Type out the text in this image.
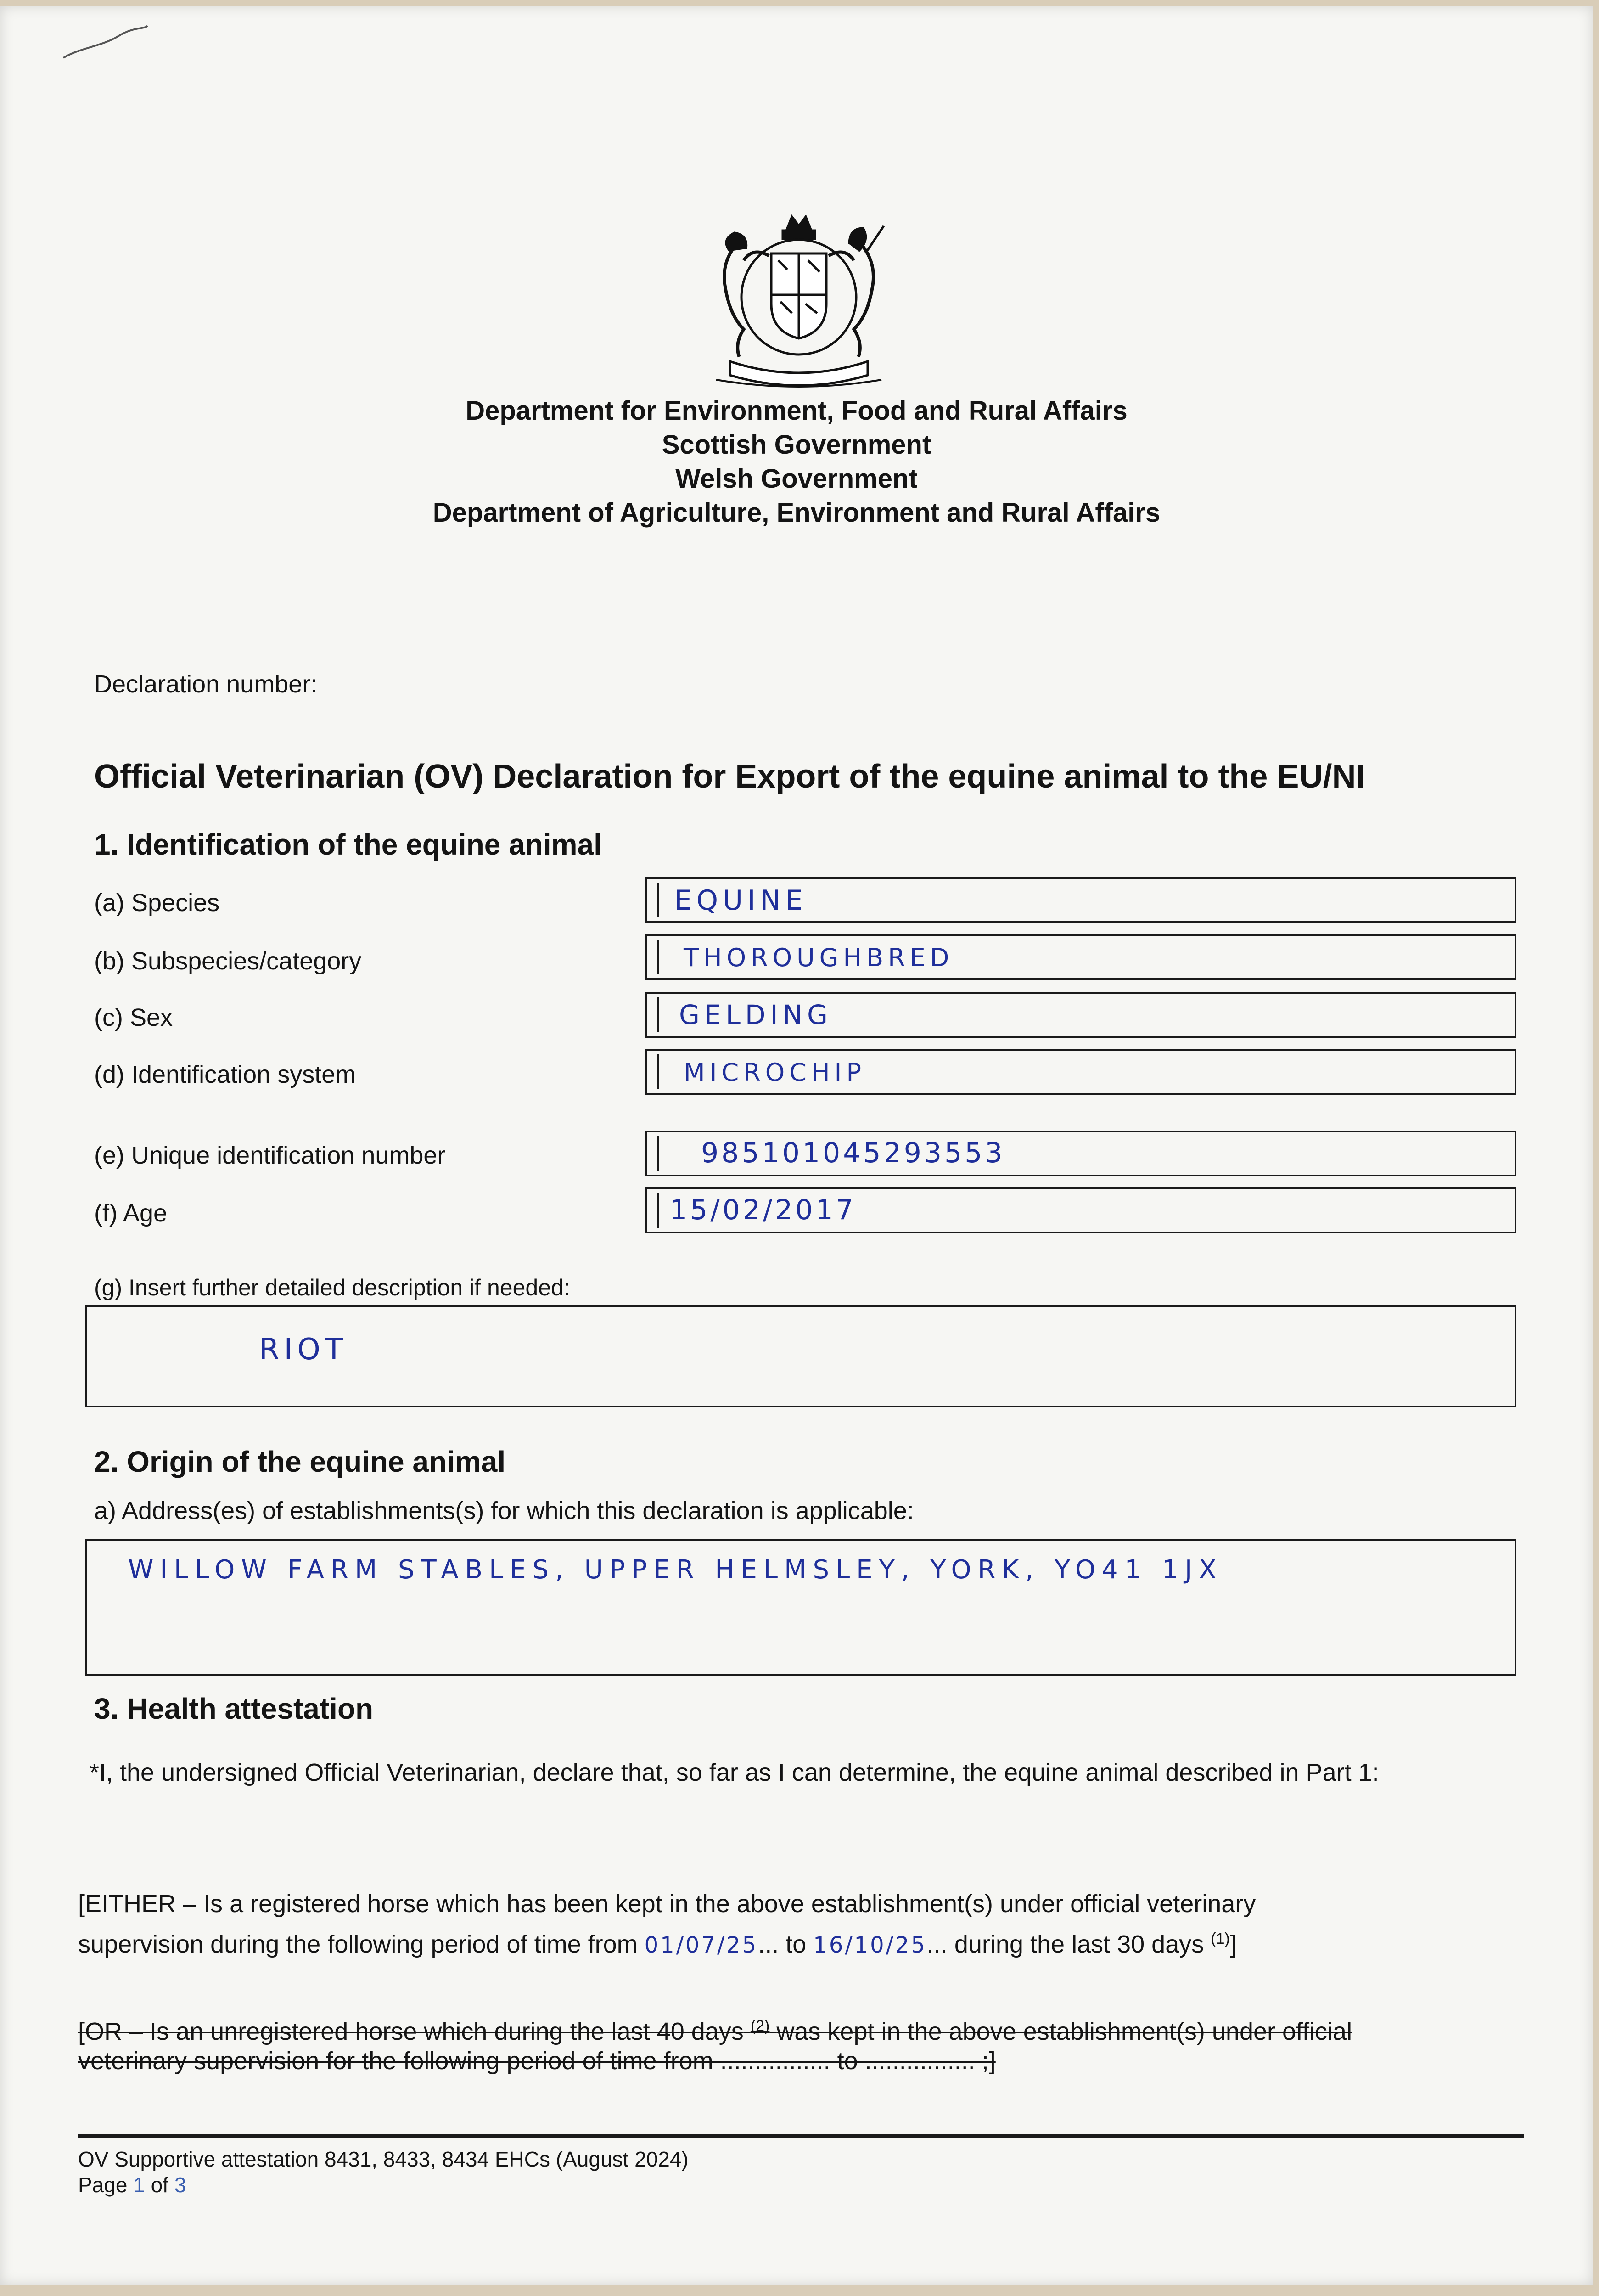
Department for Environment, Food and Rural Affairs
Scottish Government
Welsh Government
Department of Agriculture, Environment and Rural Affairs
Declaration number:
Official Veterinarian (OV) Declaration for Export of the equine animal to the EU/NI
1. Identification of the equine animal
(a) Species	EQUINE
(b) Subspecies/category	THOROUGHBRED
(c) Sex	GELDING
(d) Identification system	MICROCHIP
(e) Unique identification number	985101045293553
(f) Age	15/02/2017
(g) Insert further detailed description if needed:
RIOT
2. Origin of the equine animal
a) Address(es) of establishments(s) for which this declaration is applicable:
WILLOW FARM STABLES, UPPER HELMSLEY, YORK, YO41 1JX
3. Health attestation
*I, the undersigned Official Veterinarian, declare that, so far as I can determine, the equine animal described in Part 1:
[EITHER – Is a registered horse which has been kept in the above establishment(s) under official veterinary
supervision during the following period of time from 01/07/25... to 16/10/25... during the last 30 days $^{(1)}$]
[OR – Is an unregistered horse which during the last 40 days $^{(2)}$ was kept in the above establishment(s) under official
veterinary supervision for the following period of time from ................ to ................ ;]
OV Supportive attestation 8431, 8433, 8434 EHCs (August 2024)
Page 1 of 3
